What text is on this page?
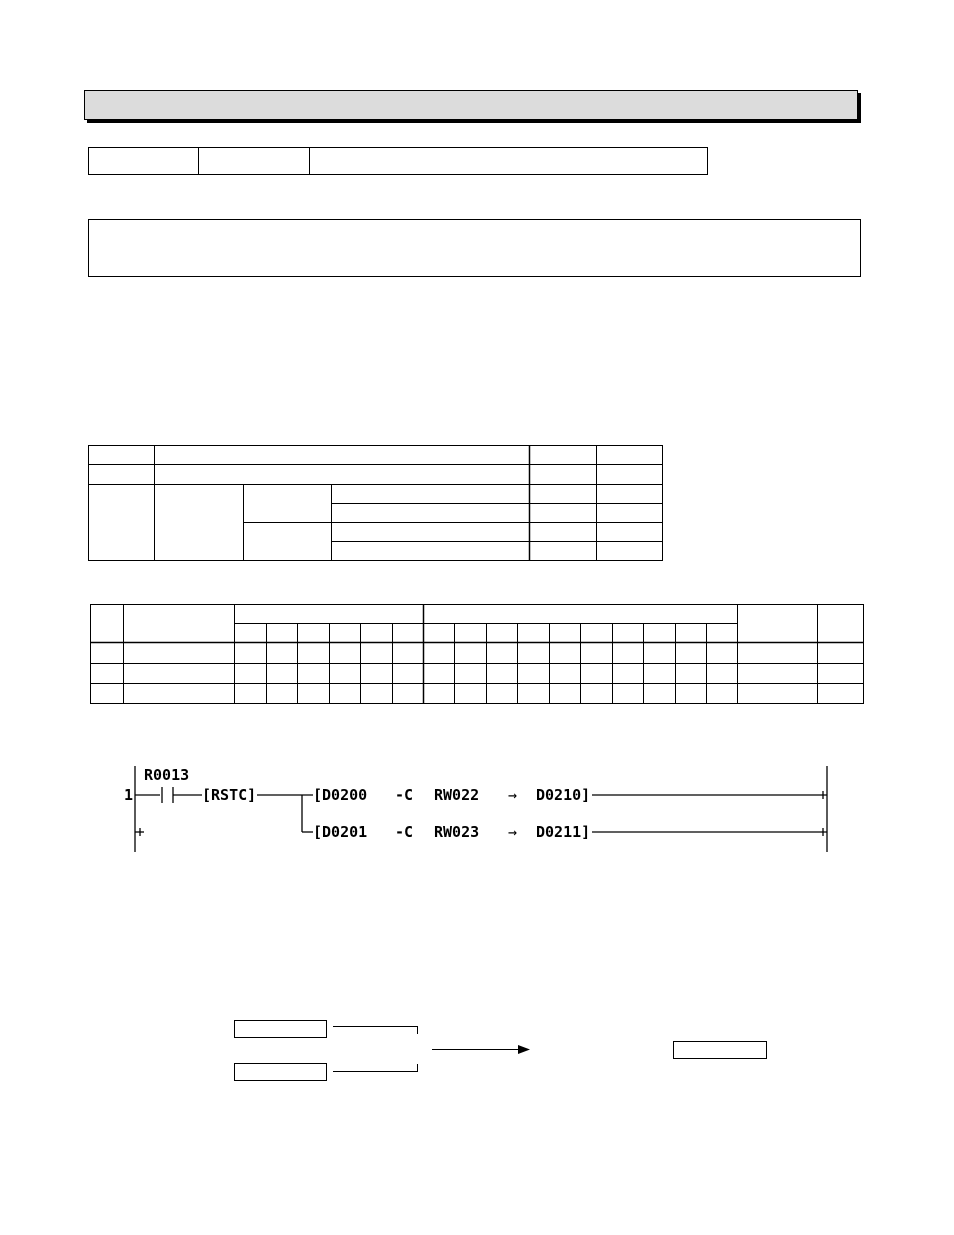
1
R0013
[RSTC]	[D0200 -C RW022 → D0210]
[D0201 -C RW023 → D0211]
